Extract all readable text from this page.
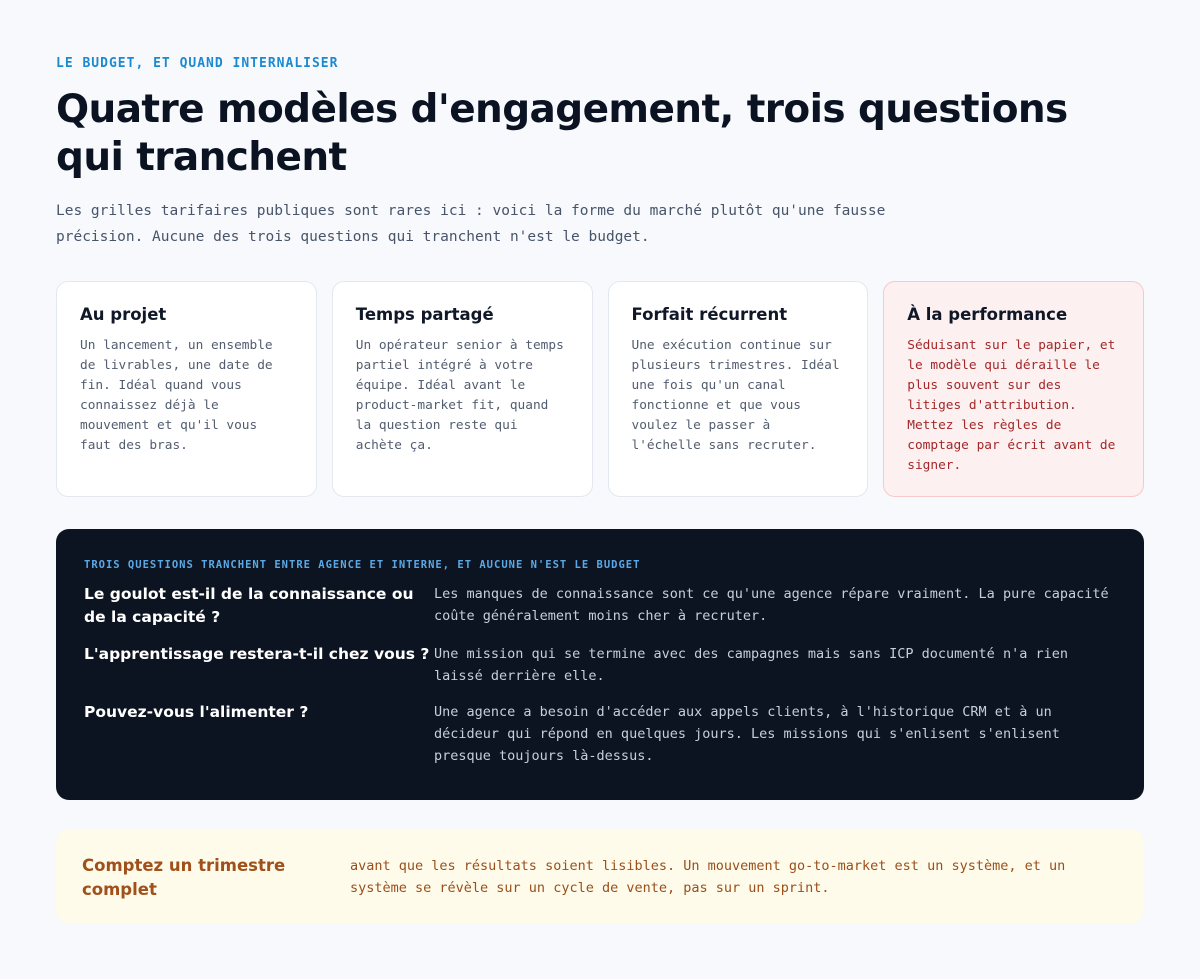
LE BUDGET, ET QUAND INTERNALISER
Quatre modèles d'engagement, trois questions qui tranchent

Les grilles tarifaires publiques sont rares ici : voici la forme du marché plutôt qu'une fausse précision. Aucune des trois questions qui tranchent n'est le budget.

Au projet
Un lancement, un ensemble de livrables, une date de fin. Idéal quand vous connaissez déjà le mouvement et qu'il vous faut des bras.
Temps partagé
Un opérateur senior à temps partiel intégré à votre équipe. Idéal avant le product-market fit, quand la question reste qui achète ça.
Forfait récurrent
Une exécution continue sur plusieurs trimestres. Idéal une fois qu'un canal fonctionne et que vous voulez le passer à l'échelle sans recruter.
À la performance
Séduisant sur le papier, et le modèle qui déraille le plus souvent sur des litiges d'attribution. Mettez les règles de comptage par écrit avant de signer.
TROIS QUESTIONS TRANCHENT ENTRE AGENCE ET INTERNE, ET AUCUNE N'EST LE BUDGET
Le goulot est-il de la connaissance ou de la capacité ?
Les manques de connaissance sont ce qu'une agence répare vraiment. La pure capacité coûte généralement moins cher à recruter.
L'apprentissage restera-t-il chez vous ? Une mission qui se termine avec des campagnes mais sans ICP documenté n'a rien laissé derrière elle.
Pouvez-vous l'alimenter ?	Une agence a besoin d'accéder aux appels clients, à l'historique CRM et à un décideur qui répond en quelques jours. Les missions qui s'enlisent s'enlisent presque toujours là-dessus.
Comptez un trimestre complet
avant que les résultats soient lisibles. Un mouvement go-to-market est un système, et un système se révèle sur un cycle de vente, pas sur un sprint.
